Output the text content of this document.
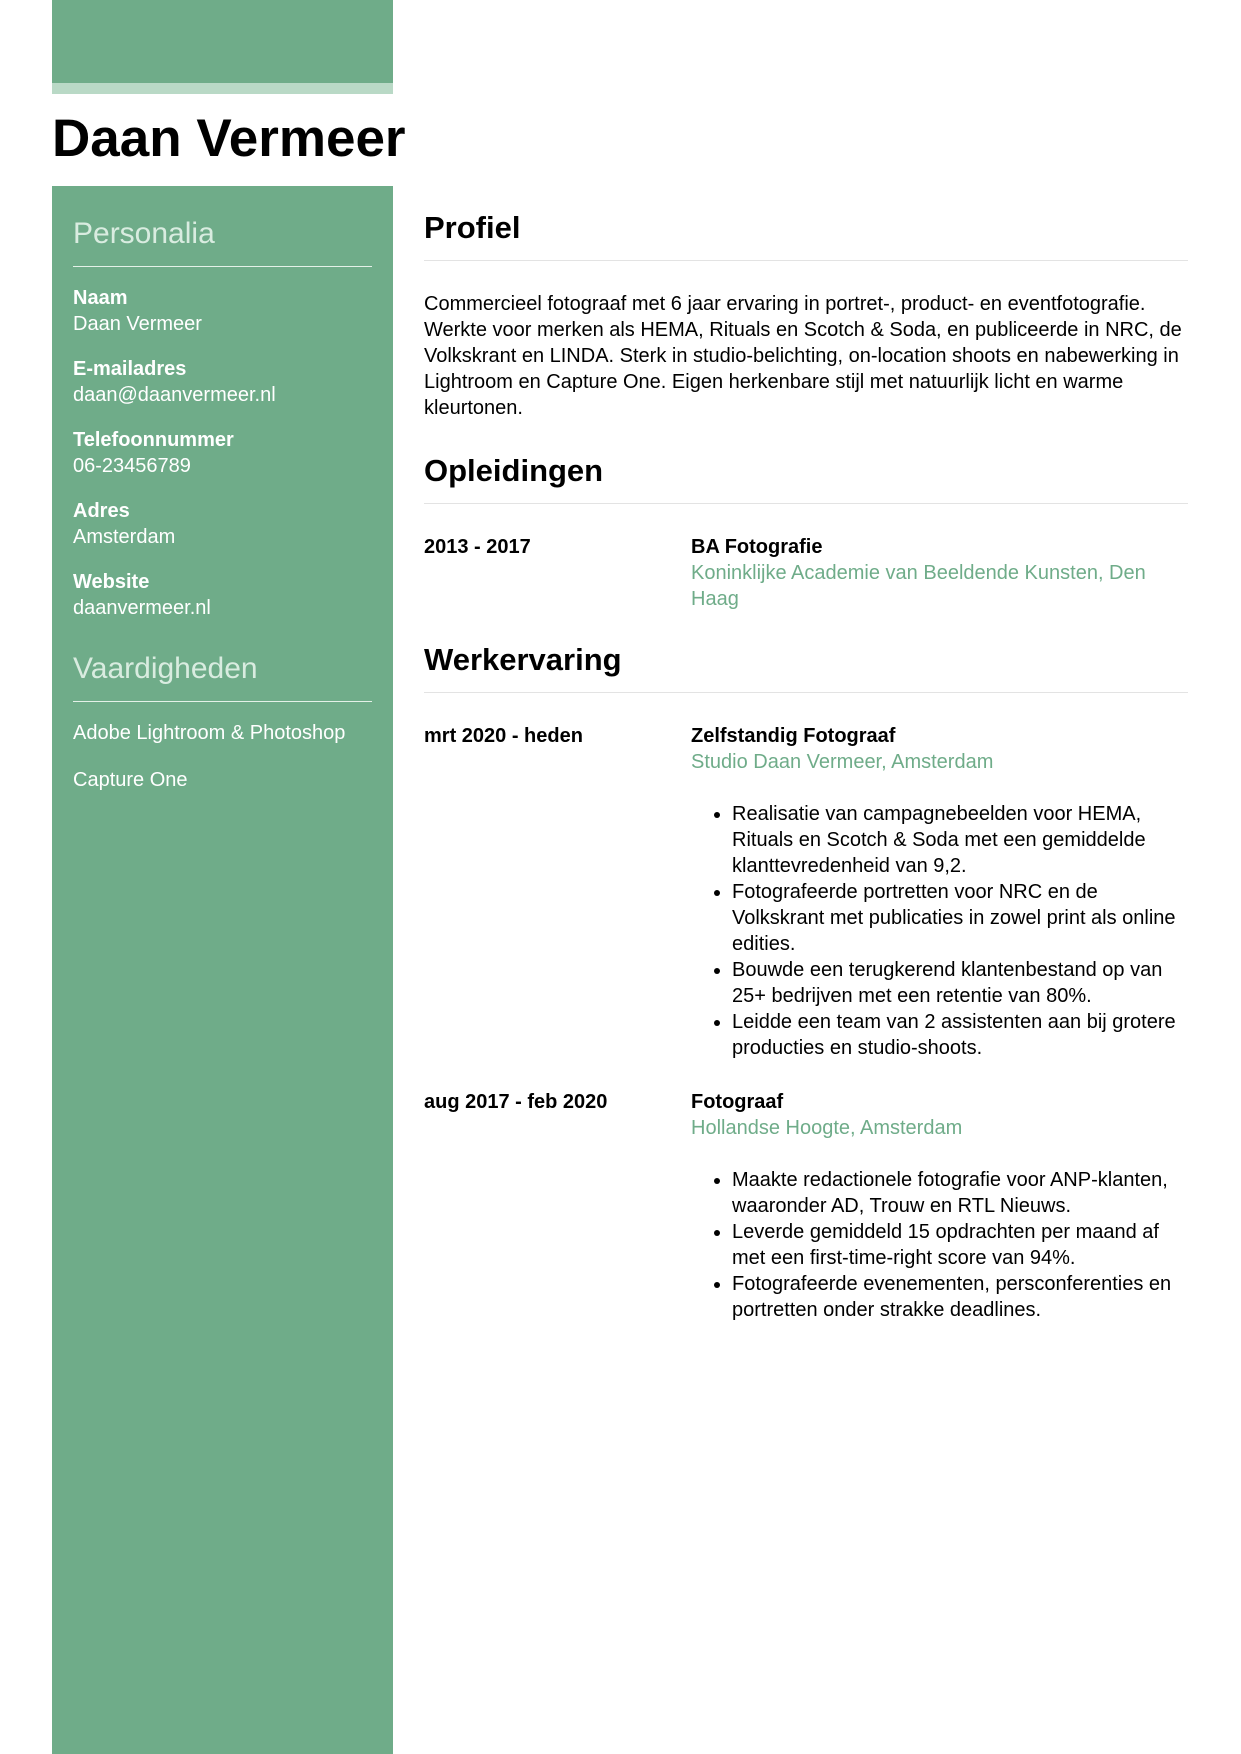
Daan Vermeer
Personalia
Naam
Daan Vermeer
E-mailadres
daan@daanvermeer.nl
Telefoonnummer
06-23456789
Adres
Amsterdam
Website
daanvermeer.nl
Vaardigheden
Adobe Lightroom & Photoshop
Capture One
Profiel

Commercieel fotograaf met 6 jaar ervaring in portret-, product- en eventfotografie. Werkte voor merken als HEMA, Rituals en Scotch & Soda, en publiceerde in NRC, de Volkskrant en LINDA. Sterk in studio-belichting, on-location shoots en nabewerking in Lightroom en Capture One. Eigen herkenbare stijl met natuurlijk licht en warme kleurtonen.

Opleidingen
2013 - 2017	BA Fotografie
Koninklijke Academie van Beeldende Kunsten, Den Haag
Werkervaring
mrt 2020 - heden	Zelfstandig Fotograaf
Studio Daan Vermeer, Amsterdam
• Realisatie van campagnebeelden voor HEMA, Rituals en Scotch & Soda met een gemiddelde klanttevredenheid van 9,2.
• Fotografeerde portretten voor NRC en de Volkskrant met publicaties in zowel print als online edities.
• Bouwde een terugkerend klantenbestand op van 25+ bedrijven met een retentie van 80%.
• Leidde een team van 2 assistenten aan bij grotere producties en studio-shoots.
aug 2017 - feb 2020	Fotograaf
Hollandse Hoogte, Amsterdam
• Maakte redactionele fotografie voor ANP-klanten, waaronder AD, Trouw en RTL Nieuws.
• Leverde gemiddeld 15 opdrachten per maand af met een first-time-right score van 94%.
• Fotografeerde evenementen, persconferenties en portretten onder strakke deadlines.
